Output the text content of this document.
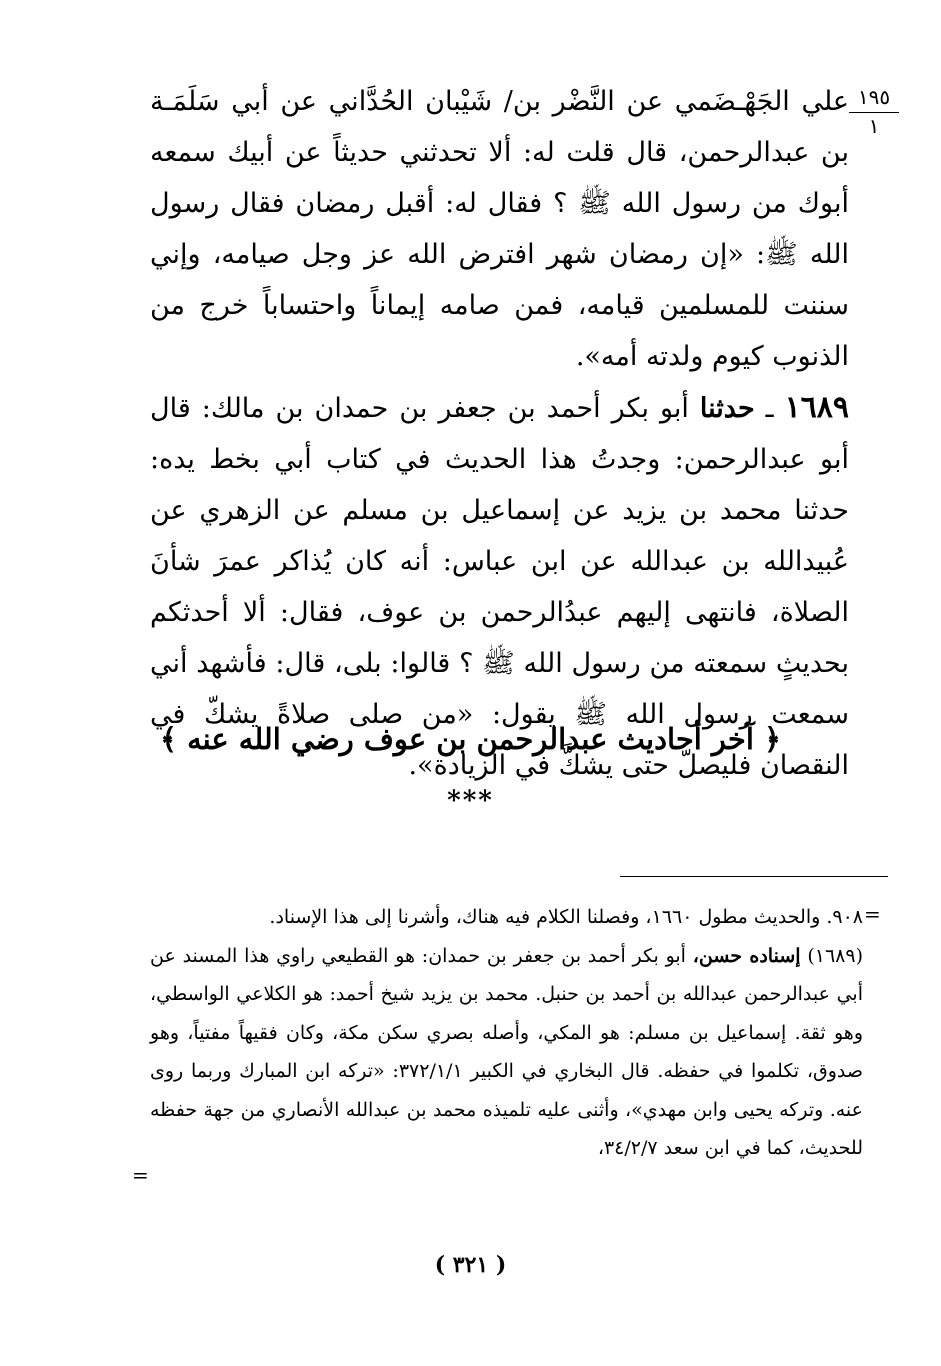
١٩٥
١

علي الجَهْـضَمي عن النَّضْر بن/ شَيْبان الحُدَّاني عن أبي سَلَمَـة بن عبدالرحمن، قال قلت له: ألا تحدثني حديثاً عن أبيك سمعه أبوك من رسول الله ﷺ ؟ فقال له: أقبل رمضان فقال رسول الله ﷺ: «إن رمضان شهر افترض الله عز وجل صيامه، وإني سننت للمسلمين قيامه، فمن صامه إيماناً واحتساباً خرج من الذنوب كيوم ولدته أمه».

١٦٨٩ ـ حدثنا أبو بكر أحمد بن جعفر بن حمدان بن مالك: قال أبو عبدالرحمن: وجدتُ هذا الحديث في كتاب أبي بخط يده: حدثنا محمد بن يزيد عن إسماعيل بن مسلم عن الزهري عن عُبيدالله بن عبدالله عن ابن عباس: أنه كان يُذاكر عمرَ شأنَ الصلاة، فانتهى إليهم عبدُالرحمن بن عوف، فقال: ألا أحدثكم بحديثٍ سمعته من رسول الله ﷺ ؟ قالوا: بلى، قال: فأشهد أني سمعت رسول الله ﷺ يقول: «من صلى صلاةً يشكّ في النقصان فليصلّ حتى يشكَّ في الزيادة».

﴿ آخر أحاديث عبدالرحمن بن عوف رضي الله عنه ﴾
***
=

٩٠٨. والحديث مطول ١٦٦٠، وفصلنا الكلام فيه هناك، وأشرنا إلى هذا الإسناد.

(١٦٨٩) إسناده حسن، أبو بكر أحمد بن جعفر بن حمدان: هو القطيعي راوي هذا المسند عن أبي عبدالرحمن عبدالله بن أحمد بن حنبل. محمد بن يزيد شيخ أحمد: هو الكلاعي الواسطي، وهو ثقة. إسماعيل بن مسلم: هو المكي، وأصله بصري سكن مكة، وكان فقيهاً مفتياً، وهو صدوق، تكلموا في حفظه. قال البخاري في الكبير ٣٧٢/١/١: «تركه ابن المبارك وربما روى عنه. وتركه يحيى وابن مهدي»، وأثنى عليه تلميذه محمد بن عبدالله الأنصاري من جهة حفظه للحديث، كما في ابن سعد ٣٤/٢/٧،

=
( ٣٢١ )
